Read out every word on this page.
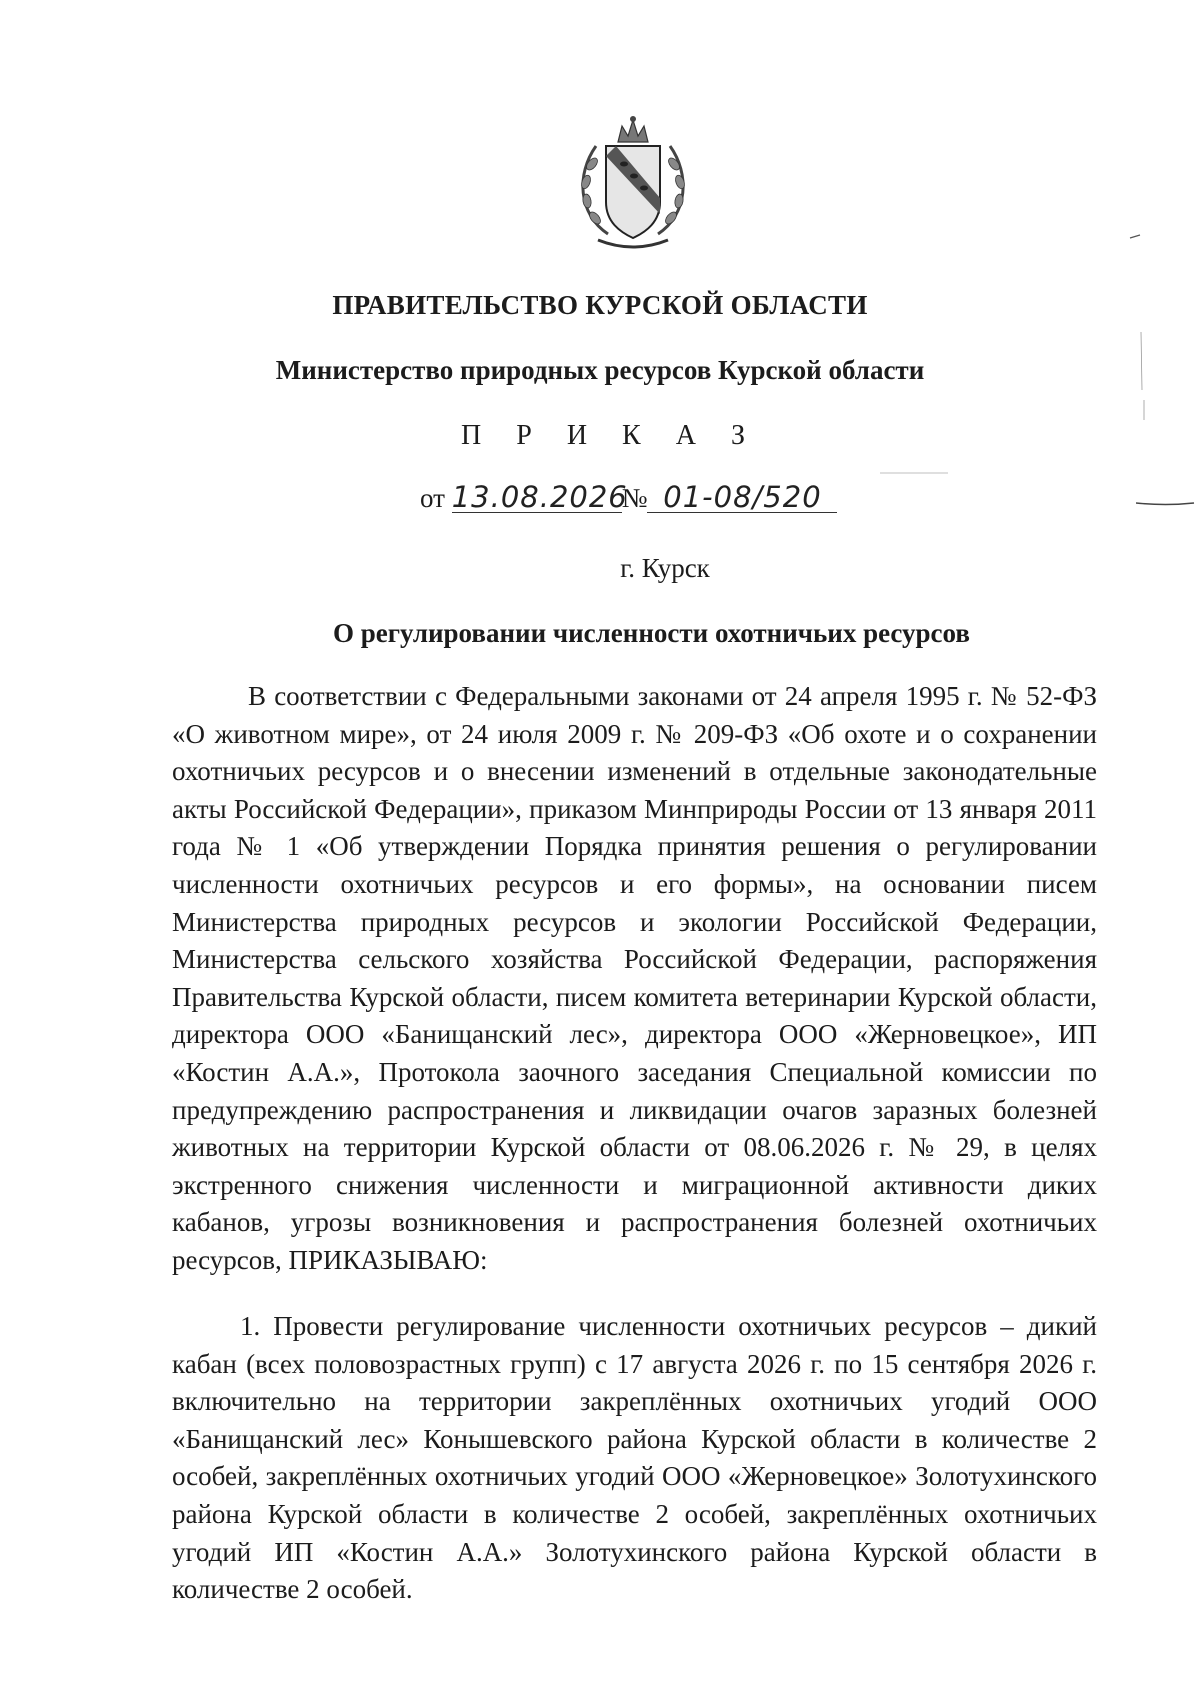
ПРАВИТЕЛЬСТВО КУРСКОЙ ОБЛАСТИ
Министерство природных ресурсов Курской области
П Р И К А З
от 13.08.2026№ 01-08/520
г. Курск
О регулировании численности охотничьих ресурсов
В соответствии с Федеральными законами от 24 апреля 1995 г. № 52-ФЗ «О животном мире», от 24 июля 2009 г. № 209-ФЗ «Об охоте и о сохранении охотничьих ресурсов и о внесении изменений в отдельные законодательные акты Российской Федерации», приказом Минприроды России от 13 января 2011 года № 1 «Об утверждении Порядка принятия решения о регулировании численности охотничьих ресурсов и его формы», на основании писем Министерства природных ресурсов и экологии Российской Федерации, Министерства сельского хозяйства Российской Федерации, распоряжения Правительства Курской области, писем комитета ветеринарии Курской области, директора ООО «Банищанский лес», директора ООО «Жерновецкое», ИП «Костин А.А.», Протокола заочного заседания Специальной комиссии по предупреждению распространения и ликвидации очагов заразных болезней животных на территории Курской области от 08.06.2026 г. № 29, в целях экстренного снижения численности и миграционной активности диких кабанов, угрозы возникновения и распространения болезней охотничьих ресурсов, ПРИКАЗЫВАЮ:
1. Провести регулирование численности охотничьих ресурсов – дикий кабан (всех половозрастных групп) с 17 августа 2026 г. по 15 сентября 2026 г. включительно на территории закреплённых охотничьих угодий ООО «Банищанский лес» Конышевского района Курской области в количестве 2 особей, закреплённых охотничьих угодий ООО «Жерновецкое» Золотухинского района Курской области в количестве 2 особей, закреплённых охотничьих угодий ИП «Костин А.А.» Золотухинского района Курской области в количестве 2 особей.
